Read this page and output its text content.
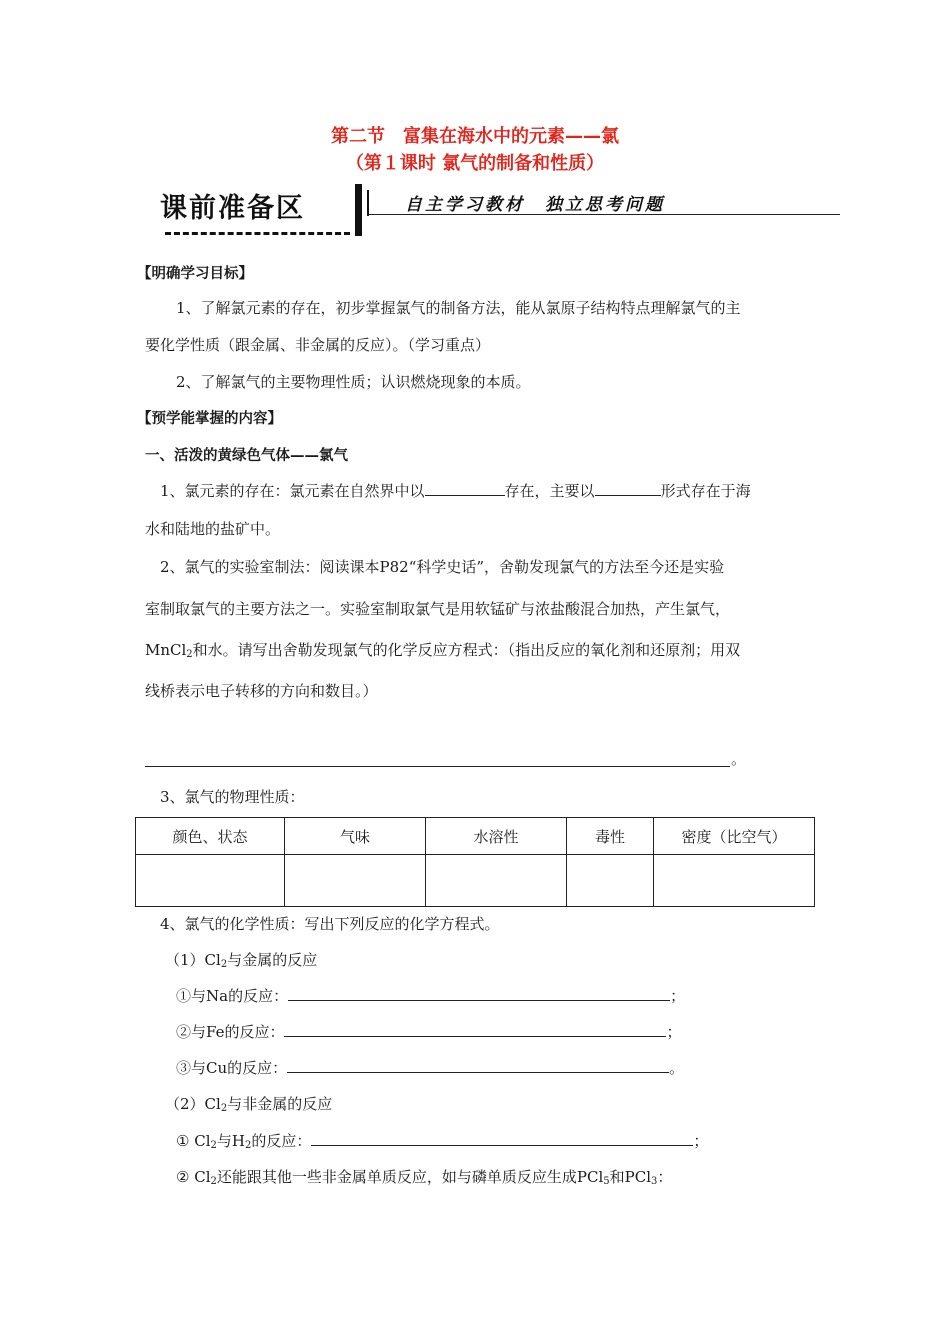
第二节　富集在海水中的元素——氯
（第１课时 氯气的制备和性质）
课前准备区	自主学习教材　独立思考问题
【明确学习目标】
1、了解氯元素的存在，初步掌握氯气的制备方法，能从氯原子结构特点理解氯气的主
要化学性质（跟金属、非金属的反应）。（学习重点）
2、了解氯气的主要物理性质；认识燃烧现象的本质。
【预学能掌握的内容】
一、活泼的黄绿色气体——氯气
1、氯元素的存在：氯元素在自然界中以	存在，主要以	形式存在于海
水和陆地的盐矿中。
2、氯气的实验室制法：阅读课本P82“科学史话”，舍勒发现氯气的方法至今还是实验
室制取氯气的主要方法之一。实验室制取氯气是用软锰矿与浓盐酸混合加热，产生氯气，
MnCl$_2$和水。请写出舍勒发现氯气的化学反应方程式：（指出反应的氧化剂和还原剂；用双
线桥表示电子转移的方向和数目。）
。
3、氯气的物理性质：
颜色、状态	气味	水溶性	毒性	密度（比空气）

4、氯气的化学性质：写出下列反应的化学方程式。
$(1)Cl_2$与金属的反应
①与Na的反应：	；
②与Fe的反应：	；
③与Cu的反应：	。
$(2)Cl_2$与非金属的反应
① $Cl_2$与$H_2$的反应：	；
② $Cl_2$还能跟其他一些非金属单质反应，如与磷单质反应生成PCl$_5$和PCl$_3$：
